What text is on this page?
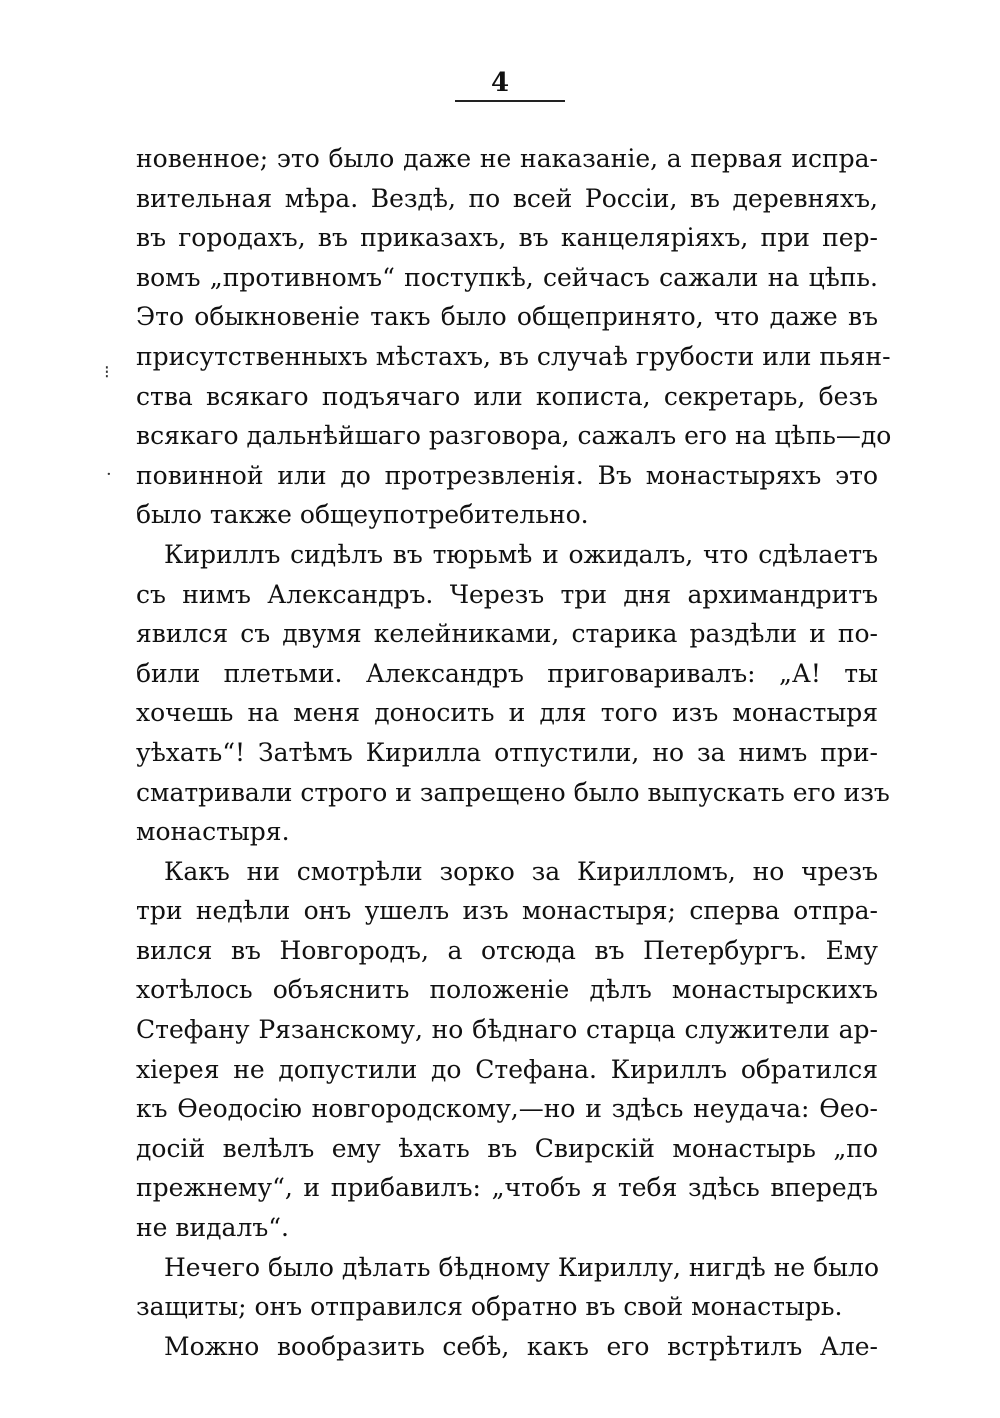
4
⁝
·
новенное; это было даже не наказанiе, а первая испра-
вительная мѣра. Вездѣ, по всей Россiи, въ деревняхъ,
въ городахъ, въ приказахъ, въ канцелярiяхъ, при пер-
вомъ „противномъ“ поступкѣ, сейчасъ сажали на цѣпь.
Это обыкновенiе такъ было общепринято, что даже въ
присутственныхъ мѣстахъ, въ случаѣ грубости или пьян-
ства всякаго подъячаго или кописта, секретарь, безъ
всякаго дальнѣйшаго разговора, сажалъ его на цѣпь—до
повинной или до протрезвленiя. Въ монастыряхъ это
было также общеупотребительно.
Кириллъ сидѣлъ въ тюрьмѣ и ожидалъ, что сдѣлаетъ
съ нимъ Александръ. Черезъ три дня архимандритъ
явился съ двумя келейниками, старика раздѣли и по-
били плетьми. Александръ приговаривалъ: „А! ты
хочешь на меня доносить и для того изъ монастыря
уѣхать“! Затѣмъ Кирилла отпустили, но за нимъ при-
сматривали строго и запрещено было выпускать его изъ
монастыря.
Какъ ни смотрѣли зорко за Кирилломъ, но чрезъ
три недѣли онъ ушелъ изъ монастыря; сперва отпра-
вился въ Новгородъ, а отсюда въ Петербургъ. Ему
хотѣлось объяснить положенiе дѣлъ монастырскихъ
Стефану Рязанскому, но бѣднаго старца служители ар-
хiерея не допустили до Стефана. Кириллъ обратился
къ Ѳеодосiю новгородскому,—но и здѣсь неудача: Ѳео-
досiй велѣлъ ему ѣхать въ Свирскiй монастырь „по
прежнему“, и прибавилъ: „чтобъ я тебя здѣсь впередъ
не видалъ“.
Нечего было дѣлать бѣдному Кириллу, нигдѣ не было
защиты; онъ отправился обратно въ свой монастырь.
Можно вообразить себѣ, какъ его встрѣтилъ Але-
